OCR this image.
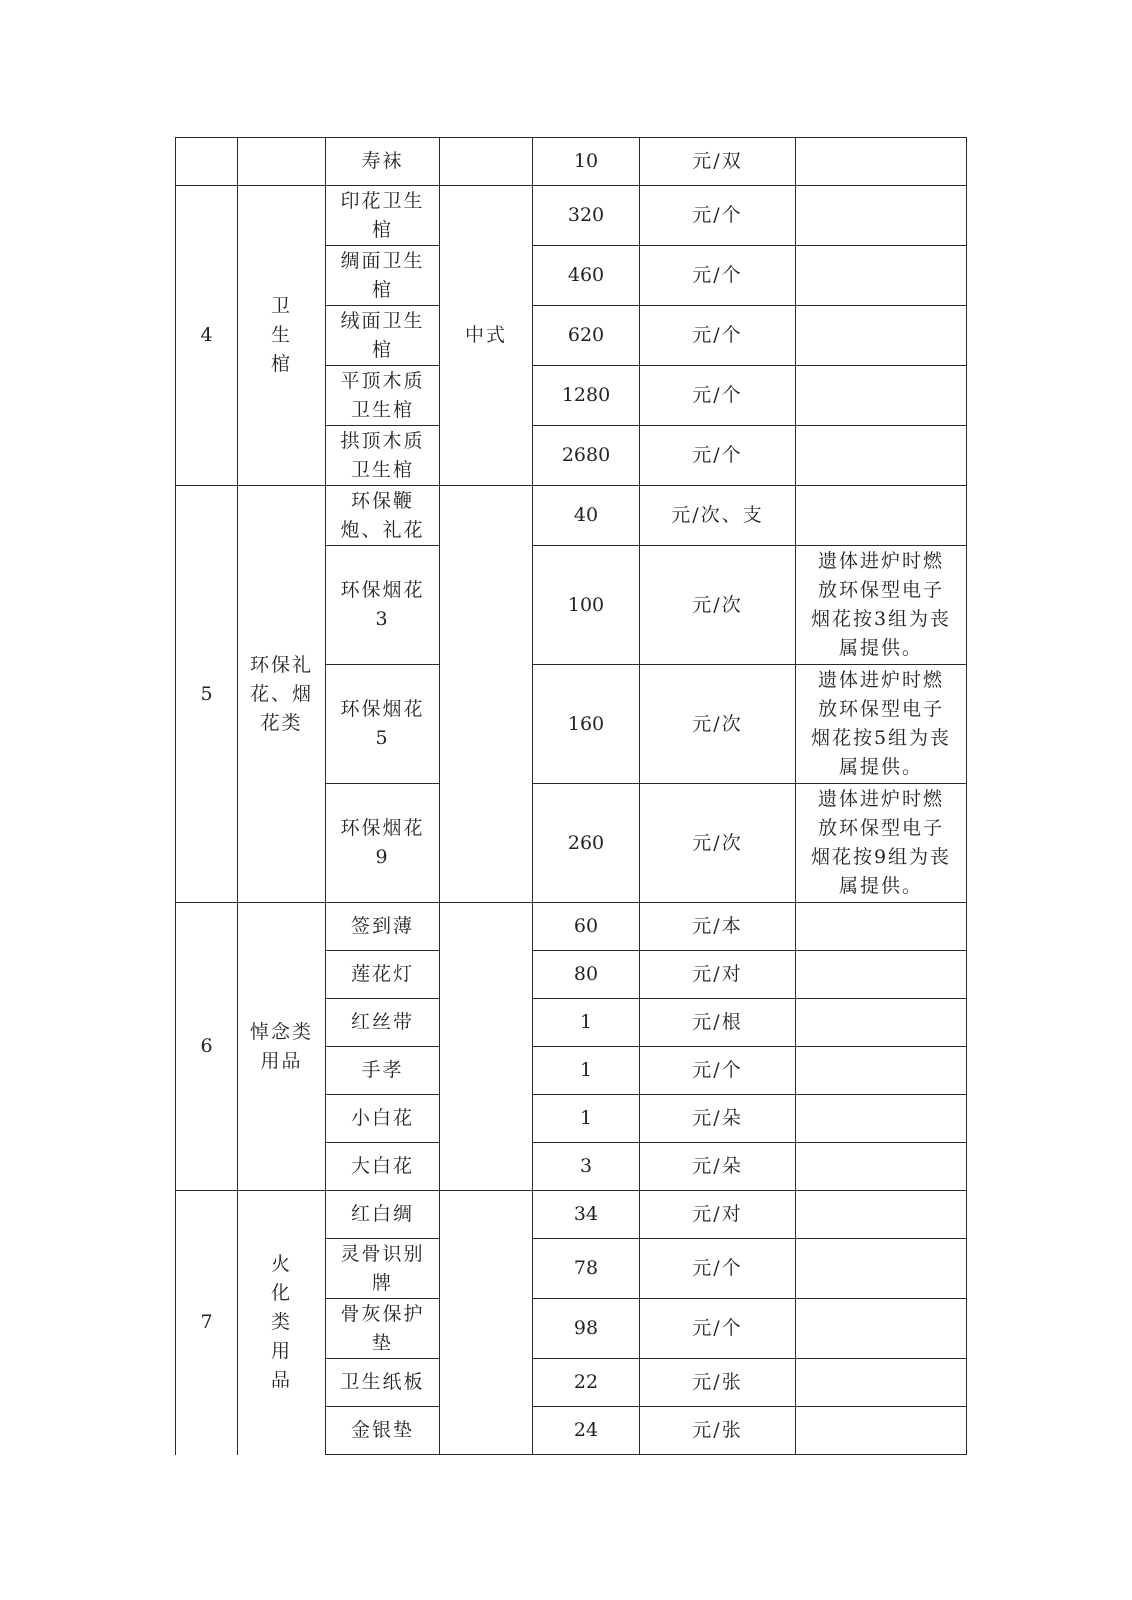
		寿袜		10	元/双	
4	卫生棺	印花卫生棺	中式	320	元/个	
		绸面卫生棺		460	元/个	
		绒面卫生棺		620	元/个	
		平顶木质卫生棺		1280	元/个	
		拱顶木质卫生棺		2680	元/个	
5	环保礼花、烟花类	环保鞭炮、礼花		40	元/次、支	
		环保烟花3		100	元/次	遗体进炉时燃放环保型电子烟花按3组为丧属提供。
		环保烟花5		160	元/次	遗体进炉时燃放环保型电子烟花按5组为丧属提供。
		环保烟花9		260	元/次	遗体进炉时燃放环保型电子烟花按9组为丧属提供。
6	悼念类用品	签到薄		60	元/本	
		莲花灯		80	元/对	
		红丝带		1	元/根	
		手孝		1	元/个	
		小白花		1	元/朵	
		大白花		3	元/朵	
7	火化类用品	红白绸		34	元/对	
		灵骨识别牌		78	元/个	
		骨灰保护垫		98	元/个	
		卫生纸板		22	元/张	
		金银垫		24	元/张	
